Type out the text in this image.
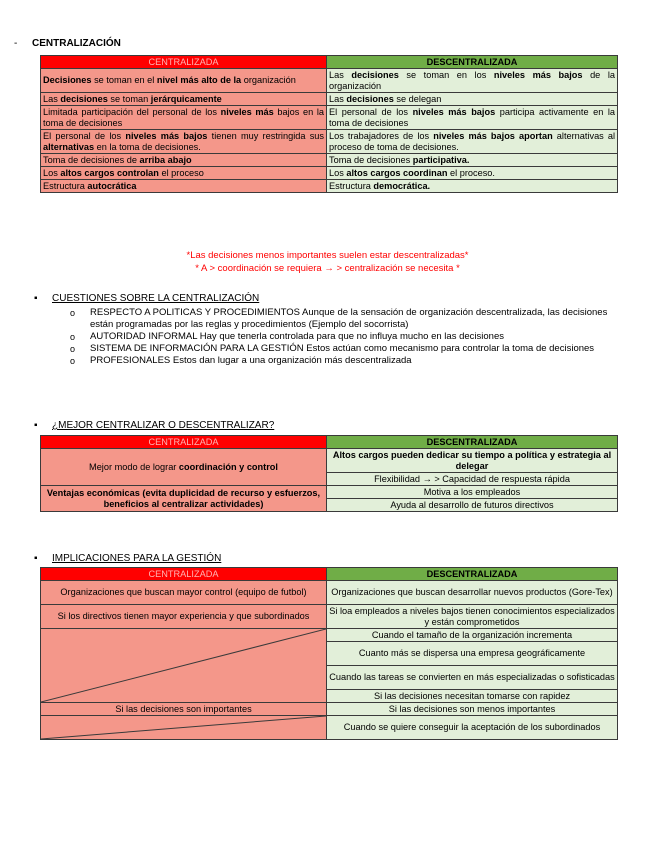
- CENTRALIZACIÓN
CENTRALIZADA	DESCENTRALIZADA
Decisiones se toman en el nivel más alto de la organización	Las decisiones se toman en los niveles más bajos de la organización
Las decisiones se toman jerárquicamente	Las decisiones se delegan
Limitada participación del personal de los niveles más bajos en la toma de decisiones	El personal de los niveles más bajos participa activamente en la toma de decisiones
El personal de los niveles más bajos tienen muy restringida sus alternativas en la toma de decisiones.	Los trabajadores de los niveles más bajos aportan alternativas al proceso de toma de decisiones.
Toma de decisiones de arriba abajo	Toma de decisiones participativa.
Los altos cargos controlan el proceso	Los altos cargos coordinan el proceso.
Estructura autocrática	Estructura democrática.
*Las decisiones menos importantes suelen estar descentralizadas*
* A > coordinación se requiera → > centralización se necesita *
▪ CUESTIONES SOBRE LA CENTRALIZACIÓN
o RESPECTO A POLITICAS Y PROCEDIMIENTOS Aunque de la sensación de organización descentralizada, las decisiones están programadas por las reglas y procedimientos (Ejemplo del socorrista)
o AUTORIDAD INFORMAL Hay que tenerla controlada para que no influya mucho en las decisiones
o SISTEMA DE INFORMACIÓN PARA LA GESTIÓN Estos actúan como mecanismo para controlar la toma de decisiones
o PROFESIONALES Estos dan lugar a una organización más descentralizada
▪ ¿MEJOR CENTRALIZAR O DESCENTRALIZAR?
CENTRALIZADA	DESCENTRALIZADA
Mejor modo de lograr coordinación y control	Altos cargos pueden dedicar su tiempo a política y estrategia al delegar
	Flexibilidad → > Capacidad de respuesta rápida
Ventajas económicas (evita duplicidad de recurso y esfuerzos, beneficios al centralizar actividades)	Motiva a los empleados
	Ayuda al desarrollo de futuros directivos
▪ IMPLICACIONES PARA LA GESTIÓN
CENTRALIZADA	DESCENTRALIZADA
Organizaciones que buscan mayor control (equipo de futbol)	Organizaciones que buscan desarrollar nuevos productos (Gore-Tex)
Si los directivos tienen mayor experiencia y que subordinados	Si loa empleados a niveles bajos tienen conocimientos especializados y están comprometidos

	Cuando el tamaño de la organización incrementa
	Cuanto más se dispersa una empresa geográficamente
	Cuando las tareas se convierten en más especializadas o sofisticadas
	Si las decisiones necesitan tomarse con rapidez
Si las decisiones son importantes	Si las decisiones son menos importantes

	Cuando se quiere conseguir la aceptación de los subordinados
